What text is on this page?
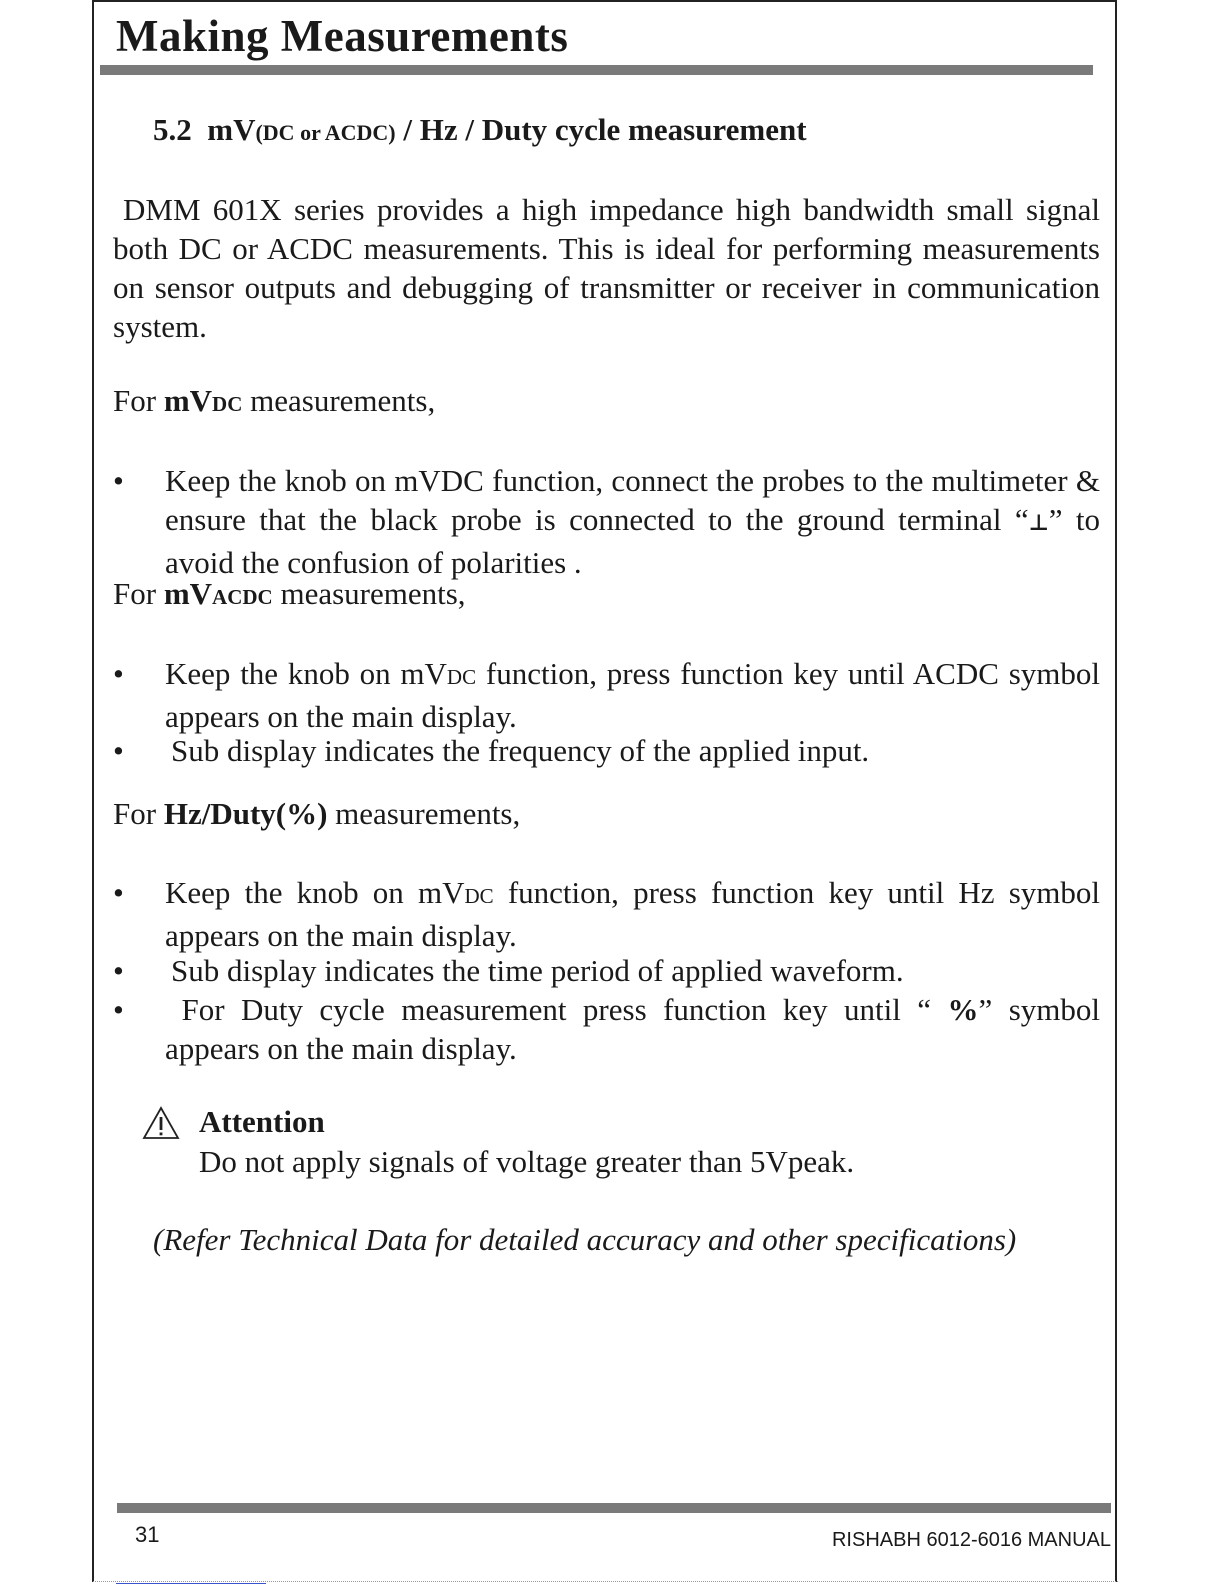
Making Measurements
5.2 mV(DC or ACDC) / Hz / Duty cycle measurement
DMM 601X series provides a high impedance high bandwidth small signal both DC or ACDC measurements. This is ideal for performing measurements on sensor outputs and debugging of transmitter or receiver in communication system.
For mVDC measurements,
• Keep the knob on mVDC function, connect the probes to the multimeter & ensure that the black probe is connected to the ground terminal “⊥” to avoid the confusion of polarities .
For mVACDC measurements,
• Keep the knob on mVDC function, press function key until ACDC symbol appears on the main display.
• Sub display indicates the frequency of the applied input.
For Hz/Duty(%) measurements,
• Keep the knob on mVDC function, press function key until Hz symbol appears on the main display.
• Sub display indicates the time period of applied waveform.
•	For Duty cycle measurement press function key until “ %” symbol appears on the main display.
Attention
Do not apply signals of voltage greater than 5Vpeak.
(Refer Technical Data for detailed accuracy and other specifications)
31	RISHABH 6012-6016 MANUAL
